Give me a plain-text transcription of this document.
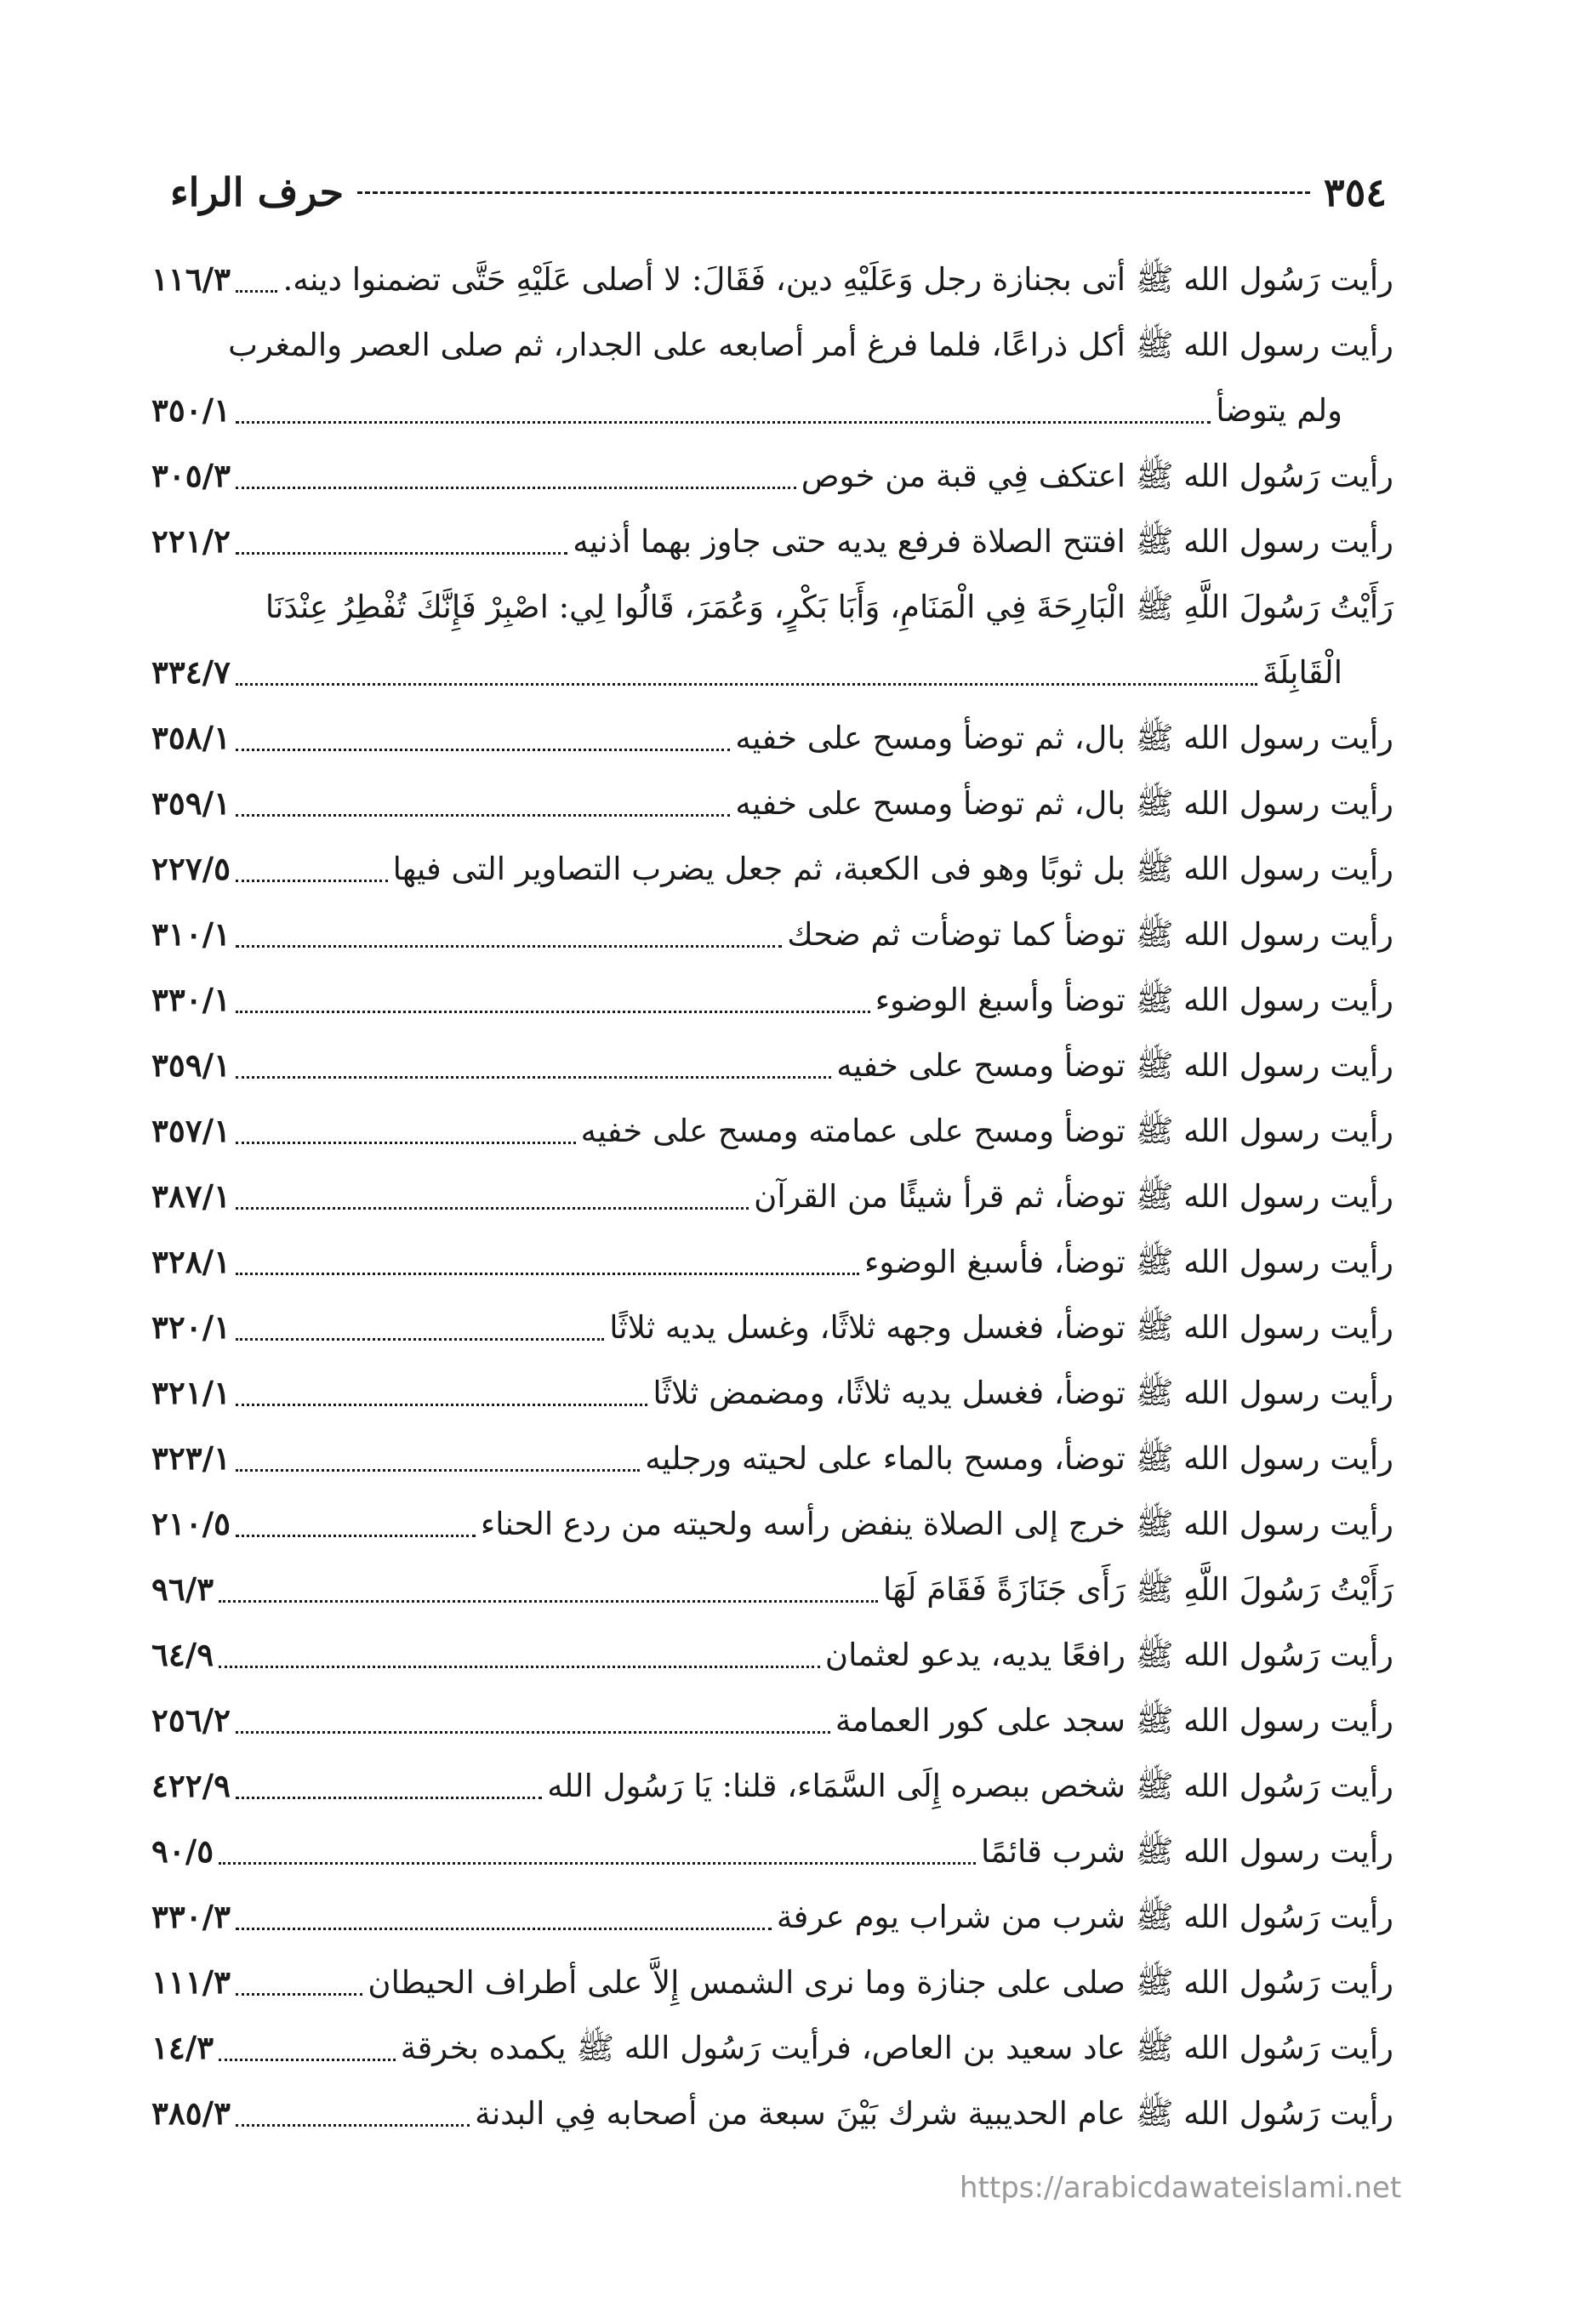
٣٥٤
حرف الراء
رأيت رَسُول الله ﷺ أتى بجنازة رجل وَعَلَيْهِ دين، فَقَالَ: لا أصلى عَلَيْهِ حَتَّى تضمنوا دينه.
١١٦/٣
رأيت رسول الله ﷺ أكل ذراعًا، فلما فرغ أمر أصابعه على الجدار، ثم صلى العصر والمغرب
ولم يتوضأ
٣٥٠/١
رأيت رَسُول الله ﷺ اعتكف فِي قبة من خوص
٣٠٥/٣
رأيت رسول الله ﷺ افتتح الصلاة فرفع يديه حتى جاوز بهما أذنيه
٢٢١/٢
رَأَيْتُ رَسُولَ اللَّهِ ﷺ الْبَارِحَةَ فِي الْمَنَامِ، وَأَبَا بَكْرٍ، وَعُمَرَ، قَالُوا لِي: اصْبِرْ فَإِنَّكَ تُفْطِرُ عِنْدَنَا
الْقَابِلَةَ
٣٣٤/٧
رأيت رسول الله ﷺ بال، ثم توضأ ومسح على خفيه
٣٥٨/١
رأيت رسول الله ﷺ بال، ثم توضأ ومسح على خفيه
٣٥٩/١
رأيت رسول الله ﷺ بل ثوبًا وهو فى الكعبة، ثم جعل يضرب التصاوير التى فيها
٢٢٧/٥
رأيت رسول الله ﷺ توضأ كما توضأت ثم ضحك
٣١٠/١
رأيت رسول الله ﷺ توضأ وأسبغ الوضوء
٣٣٠/١
رأيت رسول الله ﷺ توضأ ومسح على خفيه
٣٥٩/١
رأيت رسول الله ﷺ توضأ ومسح على عمامته ومسح على خفيه
٣٥٧/١
رأيت رسول الله ﷺ توضأ، ثم قرأ شيئًا من القرآن
٣٨٧/١
رأيت رسول الله ﷺ توضأ، فأسبغ الوضوء
٣٢٨/١
رأيت رسول الله ﷺ توضأ، فغسل وجهه ثلاثًا، وغسل يديه ثلاثًا
٣٢٠/١
رأيت رسول الله ﷺ توضأ، فغسل يديه ثلاثًا، ومضمض ثلاثًا
٣٢١/١
رأيت رسول الله ﷺ توضأ، ومسح بالماء على لحيته ورجليه
٣٢٣/١
رأيت رسول الله ﷺ خرج إلى الصلاة ينفض رأسه ولحيته من ردع الحناء
٢١٠/٥
رَأَيْتُ رَسُولَ اللَّهِ ﷺ رَأَى جَنَازَةً فَقَامَ لَهَا
٩٦/٣
رأيت رَسُول الله ﷺ رافعًا يديه، يدعو لعثمان
٦٤/٩
رأيت رسول الله ﷺ سجد على كور العمامة
٢٥٦/٢
رأيت رَسُول الله ﷺ شخص ببصره إِلَى السَّمَاء، قلنا: يَا رَسُول الله
٤٢٢/٩
رأيت رسول الله ﷺ شرب قائمًا
٩٠/٥
رأيت رَسُول الله ﷺ شرب من شراب يوم عرفة
٣٣٠/٣
رأيت رَسُول الله ﷺ صلى على جنازة وما نرى الشمس إِلاَّ على أطراف الحيطان
١١١/٣
رأيت رَسُول الله ﷺ عاد سعيد بن العاص، فرأيت رَسُول الله ﷺ يكمده بخرقة
١٤/٣
رأيت رَسُول الله ﷺ عام الحديبية شرك بَيْنَ سبعة من أصحابه فِي البدنة
٣٨٥/٣
https://arabicdawateislami.net
